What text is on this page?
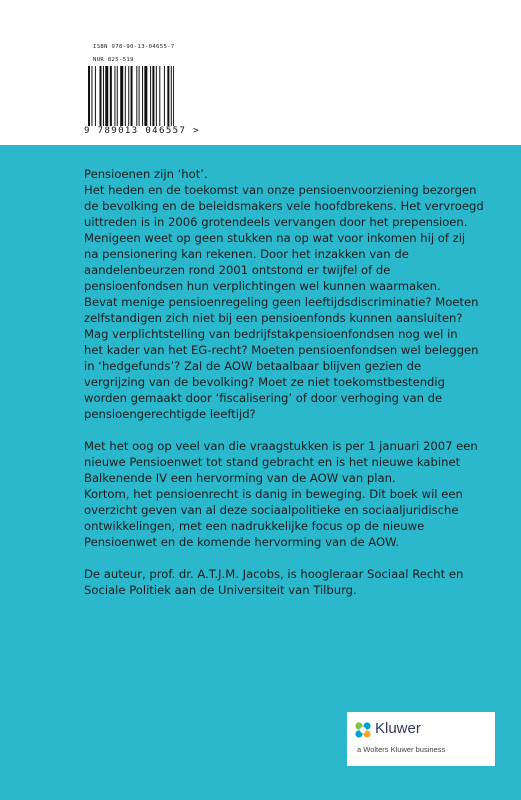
ISBN 978-90-13-04655-7
NUR 825-519
9 789013 046557 >

Pensioenen zijn ‘hot’.
Het heden en de toekomst van onze pensioenvoorziening bezorgen
de bevolking en de beleidsmakers vele hoofdbrekens. Het vervroegd
uittreden is in 2006 grotendeels vervangen door het prepensioen.
Menigeen weet op geen stukken na op wat voor inkomen hij of zij
na pensionering kan rekenen. Door het inzakken van de
aandelenbeurzen rond 2001 ontstond er twijfel of de
pensioenfondsen hun verplichtingen wel kunnen waarmaken.
Bevat menige pensioenregeling geen leeftijdsdiscriminatie? Moeten
zelfstandigen zich niet bij een pensioenfonds kunnen aansluiten?
Mag verplichtstelling van bedrijfstakpensioenfondsen nog wel in
het kader van het EG-recht? Moeten pensioenfondsen wel beleggen
in ‘hedgefunds’? Zal de AOW betaalbaar blijven gezien de
vergrijzing van de bevolking? Moet ze niet toekomstbestendig
worden gemaakt door ‘fiscalisering’ of door verhoging van de
pensioengerechtigde leeftijd?

Met het oog op veel van die vraagstukken is per 1 januari 2007 een
nieuwe Pensioenwet tot stand gebracht en is het nieuwe kabinet
Balkenende IV een hervorming van de AOW van plan.
Kortom, het pensioenrecht is danig in beweging. Dit boek wil een
overzicht geven van al deze sociaalpolitieke en sociaaljuridische
ontwikkelingen, met een nadrukkelijke focus op de nieuwe
Pensioenwet en de komende hervorming van de AOW.

De auteur, prof. dr. A.T.J.M. Jacobs, is hoogleraar Sociaal Recht en
Sociale Politiek aan de Universiteit van Tilburg.

Kluwer
a Wolters Kluwer business
